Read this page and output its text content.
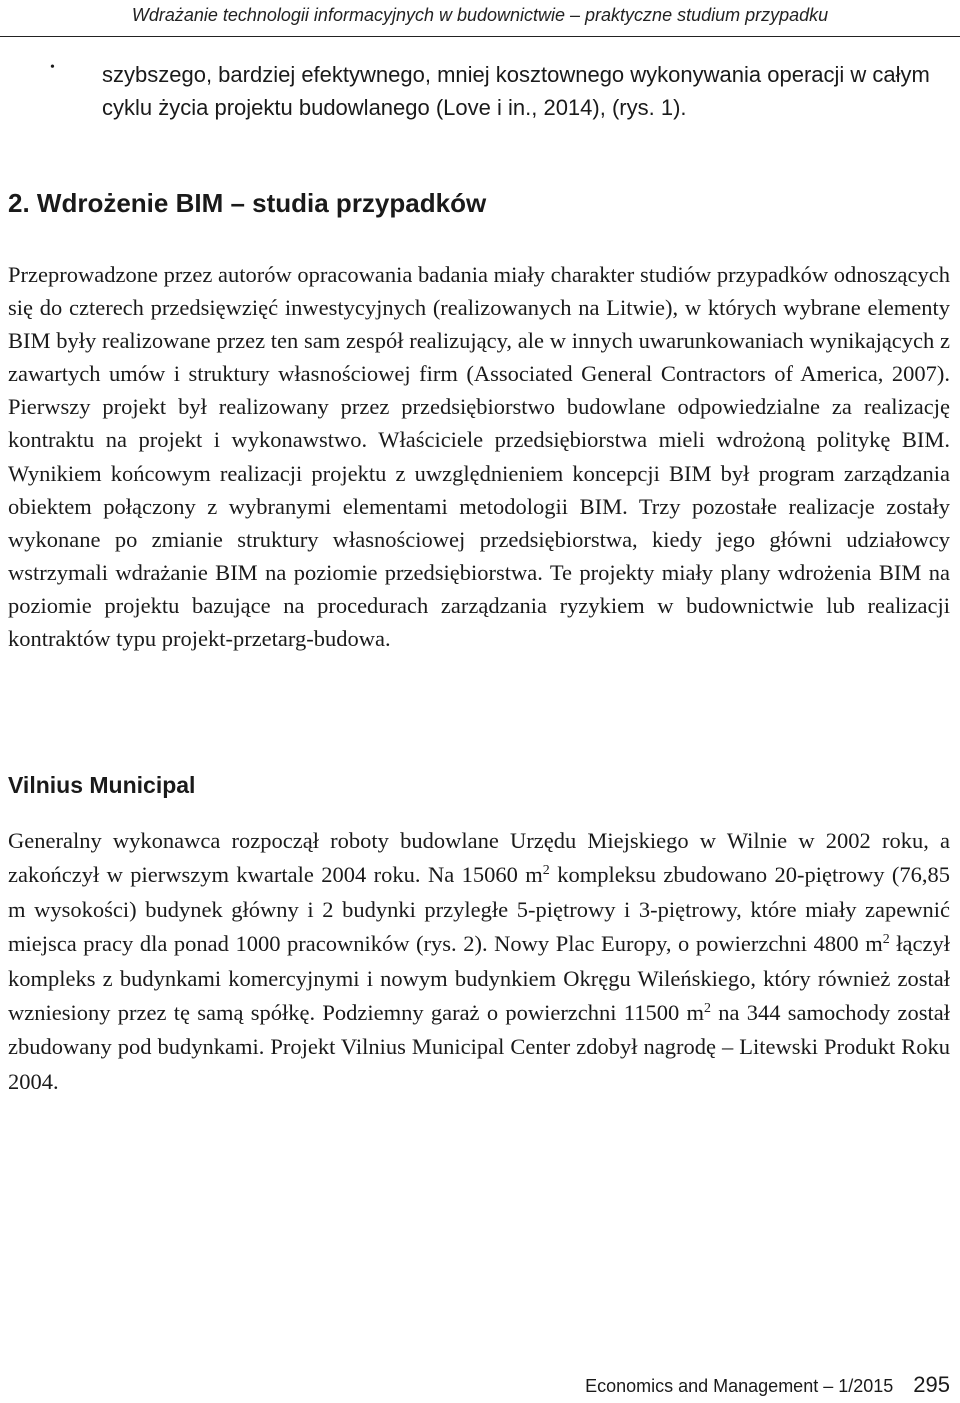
Wdrażanie technologii informacyjnych w budownictwie – praktyczne studium przypadku
• szybszego, bardziej efektywnego, mniej kosztownego wykonywania operacji w całym cyklu życia projektu budowlanego (Love i in., 2014), (rys. 1).
2. Wdrożenie BIM – studia przypadków

Przeprowadzone przez autorów opracowania badania miały charakter studiów przypadków odnoszących się do czterech przedsięwzięć inwestycyjnych (realizowanych na Litwie), w których wybrane elementy BIM były realizowane przez ten sam zespół realizujący, ale w innych uwarunkowaniach wynikających z zawartych umów i struktury własnościowej firm (Associated General Contractors of America, 2007). Pierwszy projekt był realizowany przez przedsiębiorstwo budowlane odpowiedzialne za realizację kontraktu na projekt i wykonawstwo. Właściciele przedsiębiorstwa mieli wdrożoną politykę BIM. Wynikiem końcowym realizacji projektu z uwzględnieniem koncepcji BIM był program zarządzania obiektem połączony z wybranymi elementami metodologii BIM. Trzy pozostałe realizacje zostały wykonane po zmianie struktury własnościowej przedsiębiorstwa, kiedy jego główni udziałowcy wstrzymali wdrażanie BIM na poziomie przedsiębiorstwa. Te projekty miały plany wdrożenia BIM na poziomie projektu bazujące na procedurach zarządzania ryzykiem w budownictwie lub realizacji kontraktów typu projekt-przetarg-budowa.

Vilnius Municipal

Generalny wykonawca rozpoczął roboty budowlane Urzędu Miejskiego w Wilnie w 2002 roku, a zakończył w pierwszym kwartale 2004 roku. Na 15060 $m^2$ kompleksu zbudowano 20-piętrowy (76,85 m wysokości) budynek główny i 2 budynki przyległe 5-piętrowy i 3-piętrowy, które miały zapewnić miejsca pracy dla ponad 1000 pracowników (rys. 2). Nowy Plac Europy, o powierzchni 4800 $m^2$ łączył kompleks z budynkami komercyjnymi i nowym budynkiem Okręgu Wileńskiego, który również został wzniesiony przez tę samą spółkę. Podziemny garaż o powierzchni 11500 $m^2$ na 344 samochody został zbudowany pod budynkami. Projekt Vilnius Municipal Center zdobył nagrodę – Litewski Produkt Roku 2004.

Economics and Management – 1/2015 295
